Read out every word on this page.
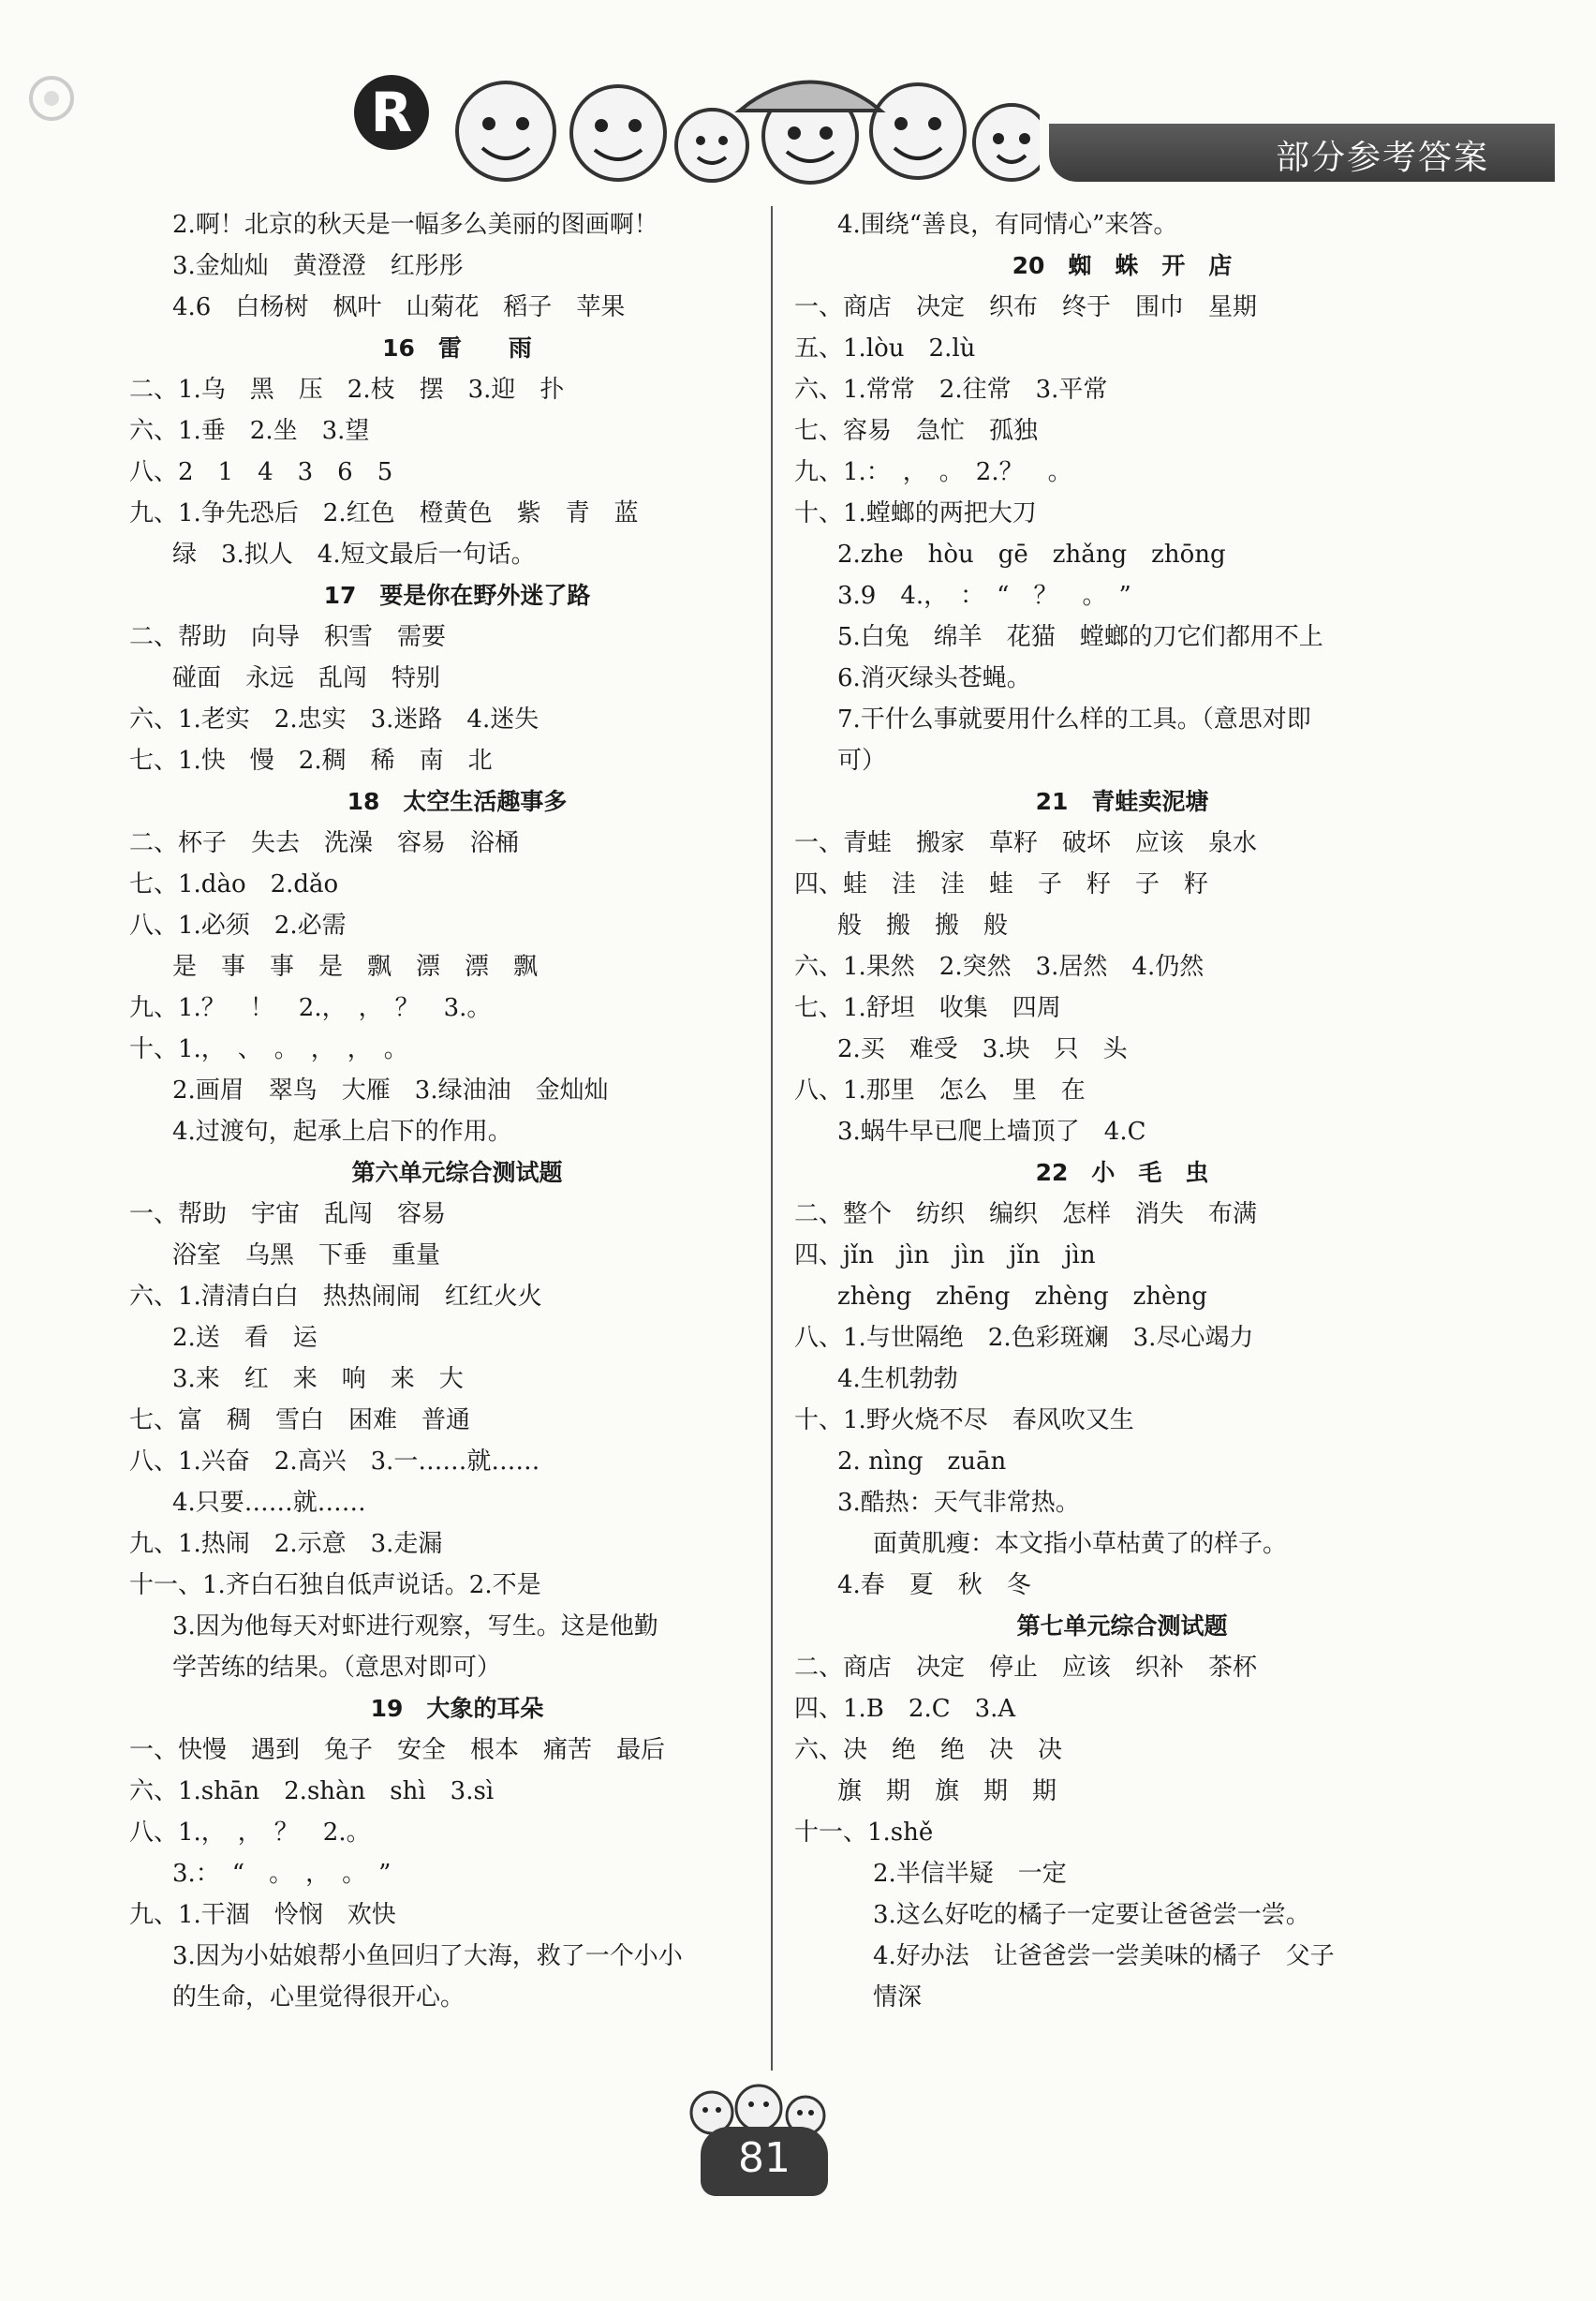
R
部分参考答案
2.啊！北京的秋天是一幅多么美丽的图画啊！
3.金灿灿　黄澄澄　红彤彤
4.6　白杨树　枫叶　山菊花　稻子　苹果
16　雷　　雨
二、1.乌　黑　压　2.枝　摆　3.迎　扑
六、1.垂　2.坐　3.望
八、2　1　4　3　6　5
九、1.争先恐后　2.红色　橙黄色　紫　青　蓝
绿　3.拟人　4.短文最后一句话。
17　要是你在野外迷了路
二、帮助　向导　积雪　需要
碰面　永远　乱闯　特别
六、1.老实　2.忠实　3.迷路　4.迷失
七、1.快　慢　2.稠　稀　南　北
18　太空生活趣事多
二、杯子　失去　洗澡　容易　浴桶
七、1.dào　2.dǎo
八、1.必须　2.必需
是　事　事　是　飘　漂　漂　飘
九、1.？　！　2.，　，　？　3.。
十、1.，　、　。　，　，　。
2.画眉　翠鸟　大雁　3.绿油油　金灿灿
4.过渡句，起承上启下的作用。
第六单元综合测试题
一、帮助　宇宙　乱闯　容易
浴室　乌黑　下垂　重量
六、1.清清白白　热热闹闹　红红火火
2.送　看　运
3.来　红　来　响　来　大
七、富　稠　雪白　困难　普通
八、1.兴奋　2.高兴　3.一……就……
4.只要……就……
九、1.热闹　2.示意　3.走漏
十一、1.齐白石独自低声说话。2.不是
3.因为他每天对虾进行观察，写生。这是他勤
学苦练的结果。（意思对即可）
19　大象的耳朵
一、快慢　遇到　兔子　安全　根本　痛苦　最后
六、1.shān　2.shàn　shì　3.sì
八、1.，　，　？　2.。
3.：　“　。　，　。　”
九、1.干涸　怜悯　欢快
3.因为小姑娘帮小鱼回归了大海，救了一个小小
的生命，心里觉得很开心。
4.围绕“善良，有同情心”来答。
20　蜘　蛛　开　店
一、商店　决定　织布　终于　围巾　星期
五、1.lòu　2.lù
六、1.常常　2.往常　3.平常
七、容易　急忙　孤独
九、1.：　，　。　2.？　。
十、1.螳螂的两把大刀
2.zhe　hòu　gē　zhǎng　zhōng
3.9　4.，　：　“　？　。　”
5.白兔　绵羊　花猫　螳螂的刀它们都用不上
6.消灭绿头苍蝇。
7.干什么事就要用什么样的工具。（意思对即
可）
21　青蛙卖泥塘
一、青蛙　搬家　草籽　破坏　应该　泉水
四、蛙　洼　洼　蛙　子　籽　子　籽
般　搬　搬　般
六、1.果然　2.突然　3.居然　4.仍然
七、1.舒坦　收集　四周
2.买　难受　3.块　只　头
八、1.那里　怎么　里　在
3.蜗牛早已爬上墙顶了　4.C
22　小　毛　虫
二、整个　纺织　编织　怎样　消失　布满
四、jǐn　jìn　jìn　jǐn　jìn
zhèng　zhēng　zhèng　zhèng
八、1.与世隔绝　2.色彩斑斓　3.尽心竭力
4.生机勃勃
十、1.野火烧不尽　春风吹又生
2. nìng　zuān
3.酷热：天气非常热。
面黄肌瘦：本文指小草枯黄了的样子。
4.春　夏　秋　冬
第七单元综合测试题
二、商店　决定　停止　应该　织补　茶杯
四、1.B　2.C　3.A
六、决　绝　绝　决　决
旗　期　旗　期　期
十一、1.shě
2.半信半疑　一定
3.这么好吃的橘子一定要让爸爸尝一尝。
4.好办法　让爸爸尝一尝美味的橘子　父子
情深
81
